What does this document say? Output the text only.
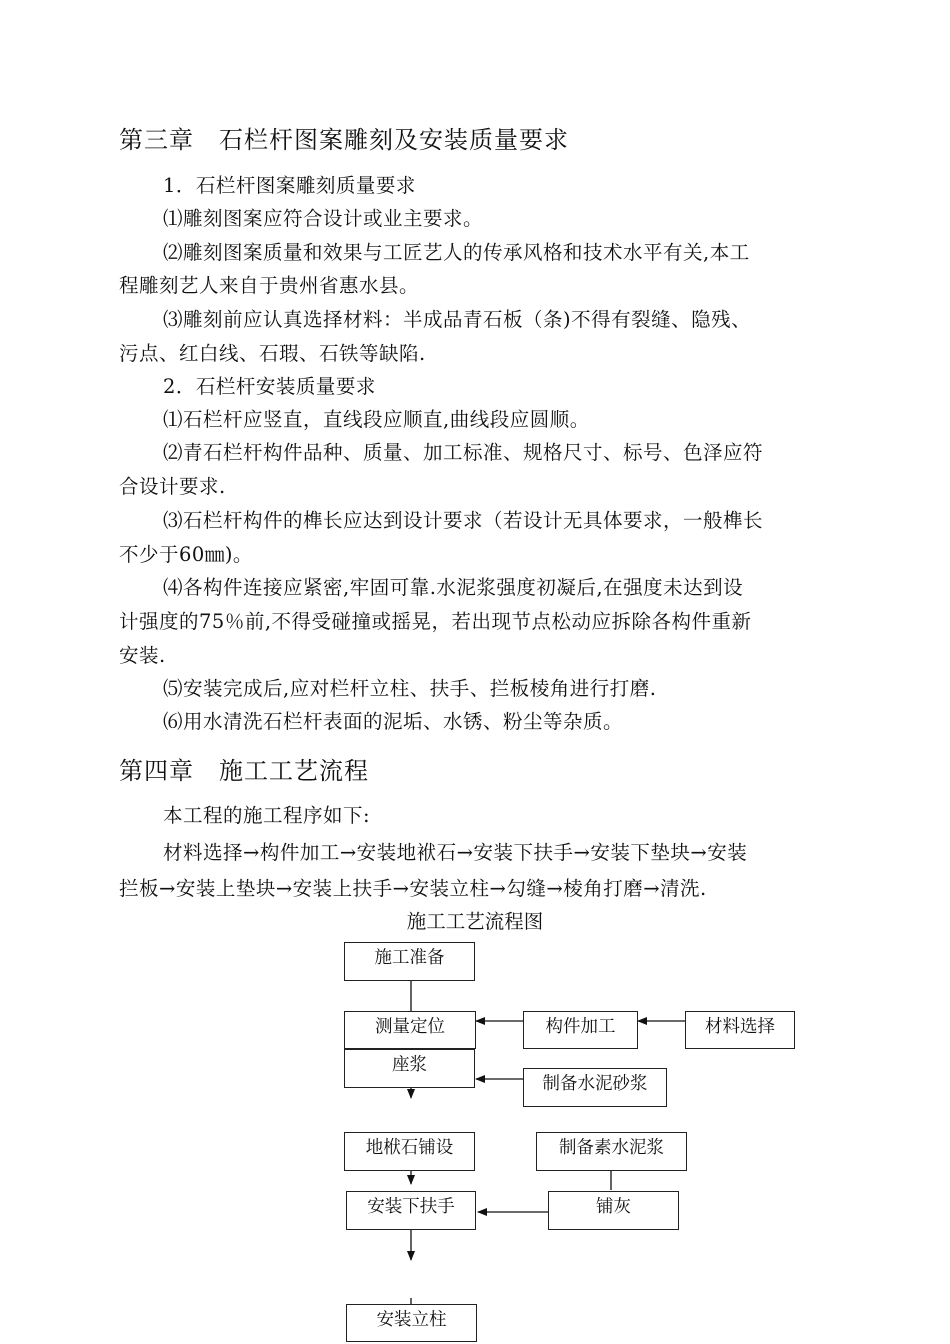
第三章　石栏杆图案雕刻及安装质量要求
1．石栏杆图案雕刻质量要求
⑴雕刻图案应符合设计或业主要求。
⑵雕刻图案质量和效果与工匠艺人的传承风格和技术水平有关,本工
程雕刻艺人来自于贵州省惠水县。
⑶雕刻前应认真选择材料：半成品青石板（条)不得有裂缝、隐残、
污点、红白线、石瑕、石铁等缺陷.
2．石栏杆安装质量要求
⑴石栏杆应竖直，直线段应顺直,曲线段应圆顺。
⑵青石栏杆构件品种、质量、加工标准、规格尺寸、标号、色泽应符
合设计要求.
⑶石栏杆构件的榫长应达到设计要求（若设计无具体要求，一般榫长
不少于60㎜)。
⑷各构件连接应紧密,牢固可靠.水泥浆强度初凝后,在强度未达到设
计强度的75％前,不得受碰撞或摇晃，若出现节点松动应拆除各构件重新
安装.
⑸安装完成后,应对栏杆立柱、扶手、拦板棱角进行打磨.
⑹用水清洗石栏杆表面的泥垢、水锈、粉尘等杂质。
第四章　施工工艺流程
本工程的施工程序如下:
材料选择→构件加工→安装地袱石→安装下扶手→安装下垫块→安装
拦板→安装上垫块→安装上扶手→安装立柱→勾缝→棱角打磨→清洗.
施工工艺流程图
施工准备
测量定位	构件加工	材料选择
座浆
制备水泥砂浆
地栿石铺设	制备素水泥浆
安装下扶手	铺灰
安装立柱
